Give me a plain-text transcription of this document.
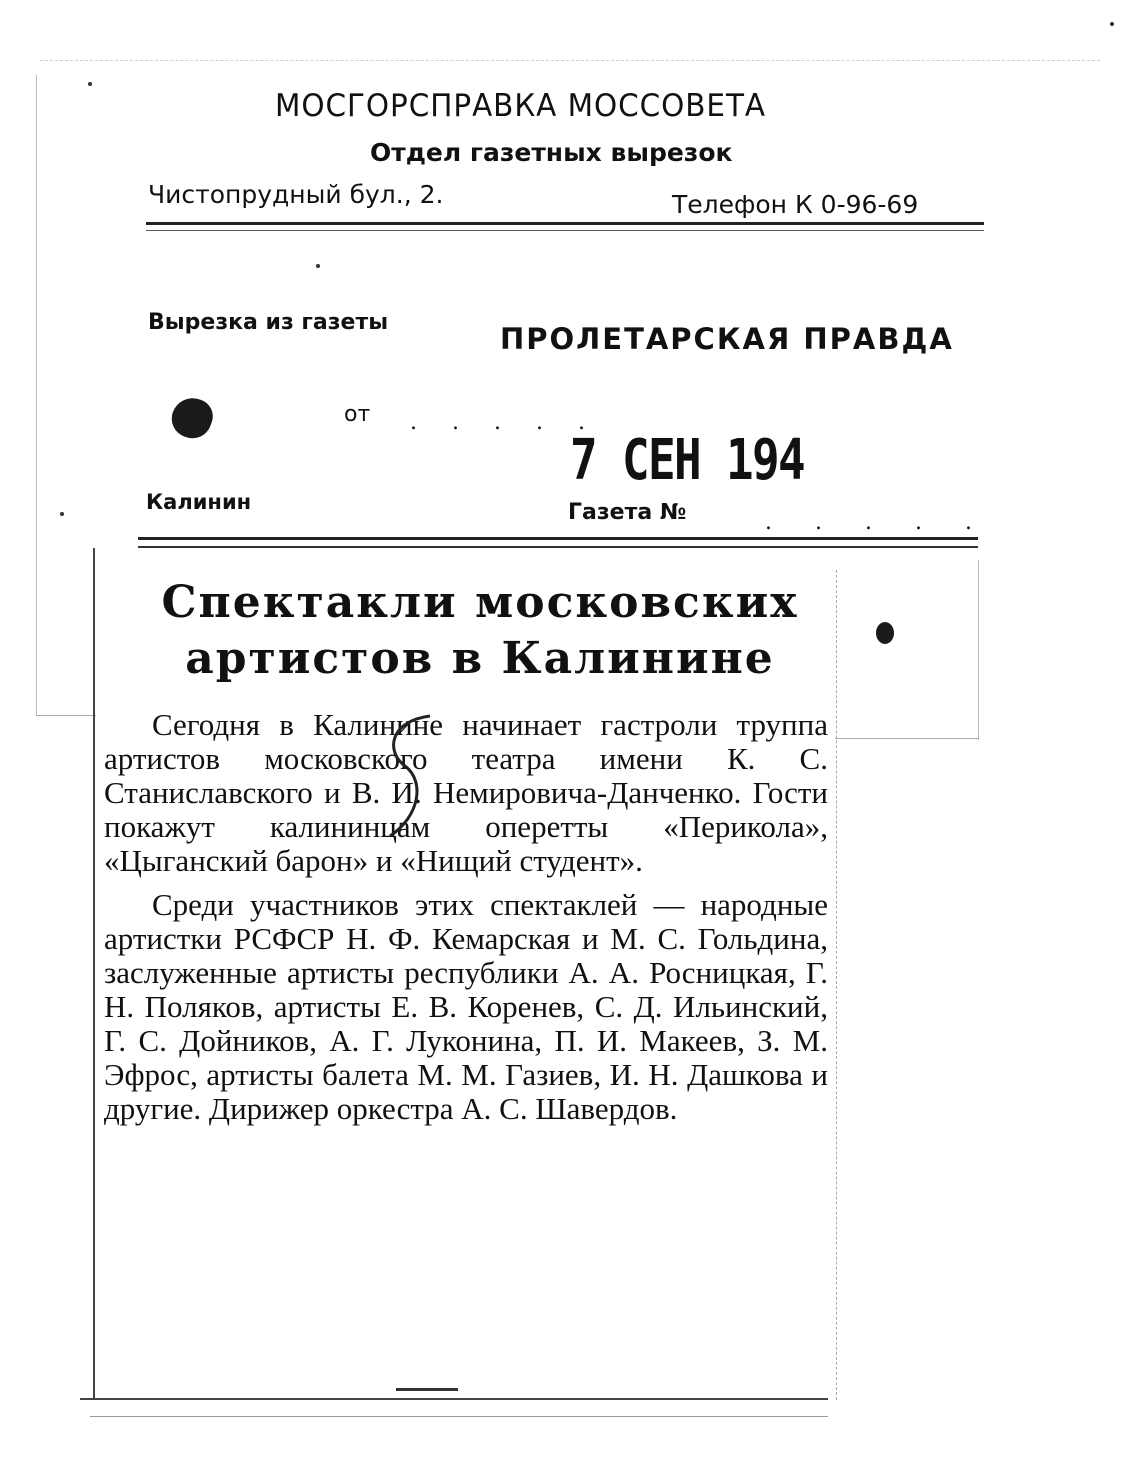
МОСГОРСПРАВКА МОССОВЕТА
Отдел газетных вырезок
Чистопрудный бул., 2.	Телефон К 0-96-69
Вырезка из газеты	ПРОЛЕТАРСКАЯ ПРАВДА
от . . . . .
7 СЕН 194
Калинин	Газета №	. . . . .
Спектакли московских
артистов в Калинине

Сегодня в Калинине начинает гастроли труппа артистов московского театра имени К. С. Станиславского и В. И. Немировича-Данченко. Гости покажут калининцам оперетты «Перикола», «Цыганский барон» и «Нищий студент».

Среди участников этих спектаклей — народные артистки РСФСР Н. Ф. Кемарская и М. С. Гольдина, заслуженные артисты республики А. А. Росницкая, Г. Н. Поляков, артисты Е. В. Коренев, С. Д. Ильинский, Г. С. Дойников, А. Г. Луконина, П. И. Макеев, З. М. Эфрос, артисты балета М. М. Газиев, И. Н. Дашкова и другие. Дирижер оркестра А. С. Шавердов.
